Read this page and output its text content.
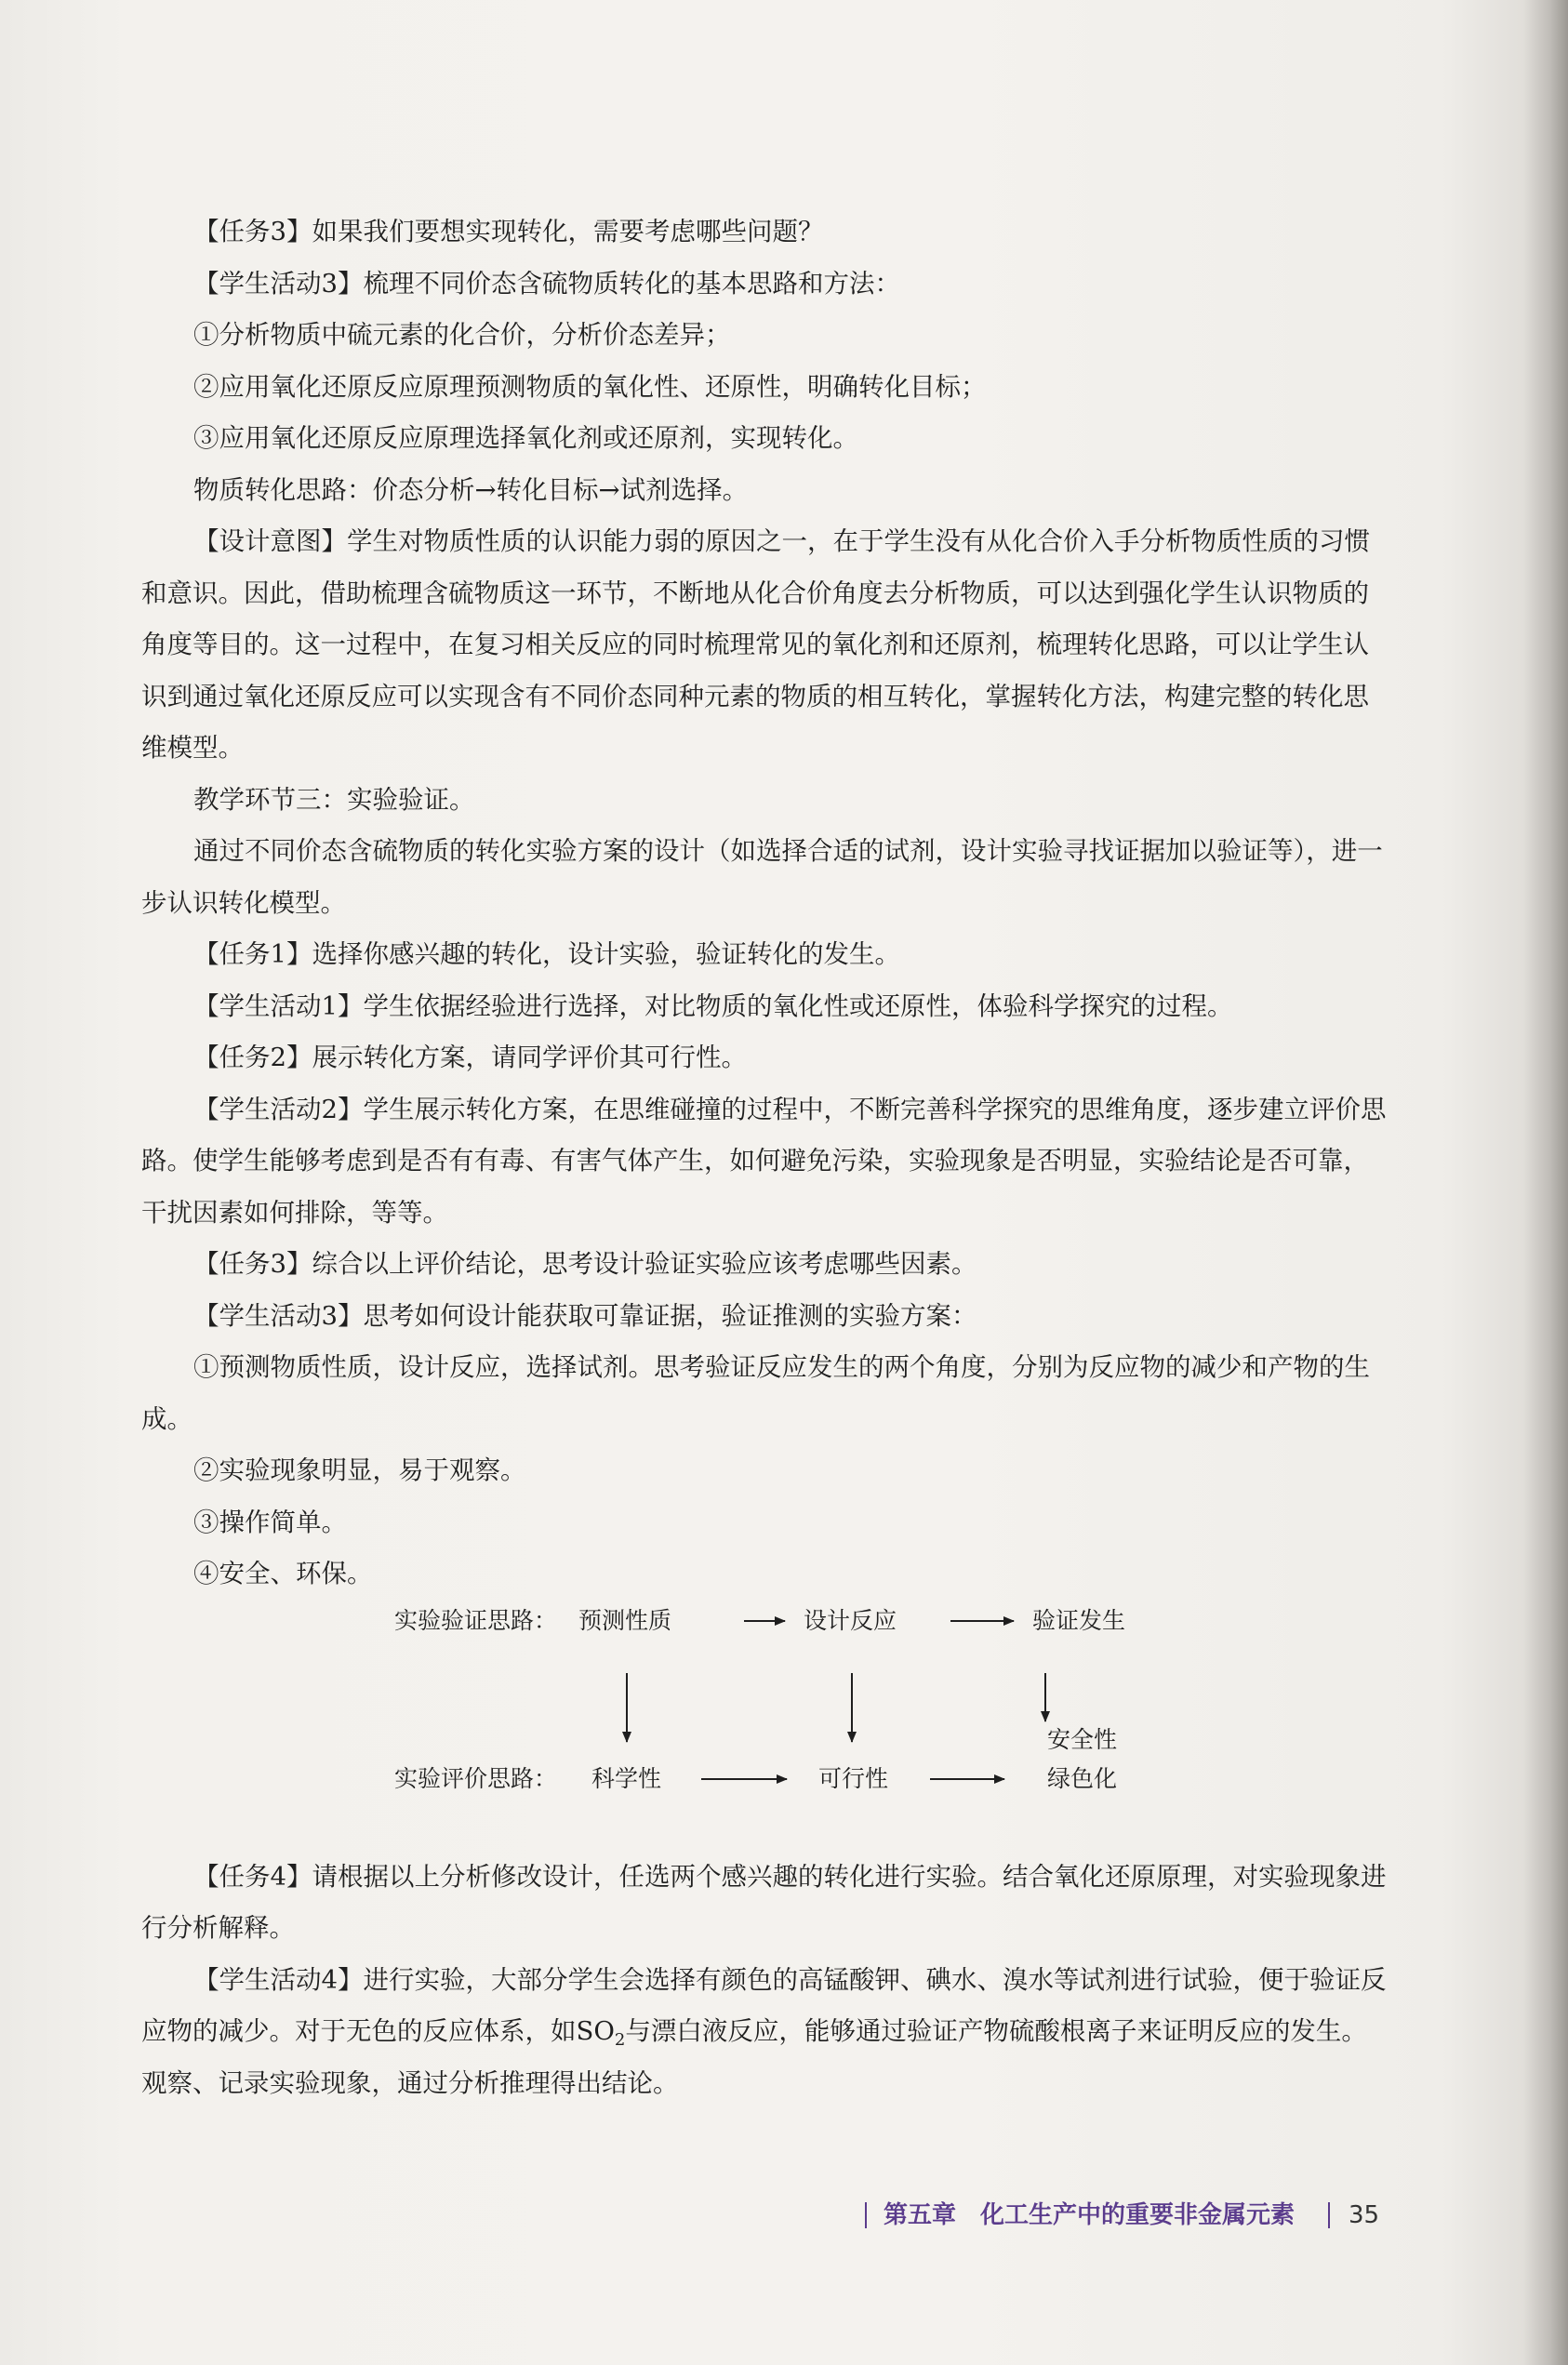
【任务3】如果我们要想实现转化，需要考虑哪些问题？

【学生活动3】梳理不同价态含硫物质转化的基本思路和方法：

①分析物质中硫元素的化合价，分析价态差异；

②应用氧化还原反应原理预测物质的氧化性、还原性，明确转化目标；

③应用氧化还原反应原理选择氧化剂或还原剂，实现转化。

物质转化思路：价态分析→转化目标→试剂选择。

【设计意图】学生对物质性质的认识能力弱的原因之一，在于学生没有从化合价入手分析物质性质的习惯和意识。因此，借助梳理含硫物质这一环节，不断地从化合价角度去分析物质，可以达到强化学生认识物质的角度等目的。这一过程中，在复习相关反应的同时梳理常见的氧化剂和还原剂，梳理转化思路，可以让学生认识到通过氧化还原反应可以实现含有不同价态同种元素的物质的相互转化，掌握转化方法，构建完整的转化思维模型。

教学环节三：实验验证。

通过不同价态含硫物质的转化实验方案的设计（如选择合适的试剂，设计实验寻找证据加以验证等），进一步认识转化模型。

【任务1】选择你感兴趣的转化，设计实验，验证转化的发生。

【学生活动1】学生依据经验进行选择，对比物质的氧化性或还原性，体验科学探究的过程。

【任务2】展示转化方案，请同学评价其可行性。

【学生活动2】学生展示转化方案，在思维碰撞的过程中，不断完善科学探究的思维角度，逐步建立评价思路。使学生能够考虑到是否有有毒、有害气体产生，如何避免污染，实验现象是否明显，实验结论是否可靠，干扰因素如何排除，等等。

【任务3】综合以上评价结论，思考设计验证实验应该考虑哪些因素。

【学生活动3】思考如何设计能获取可靠证据，验证推测的实验方案：

①预测物质性质，设计反应，选择试剂。思考验证反应发生的两个角度，分别为反应物的减少和产物的生成。

②实验现象明显，易于观察。

③操作简单。

④安全、环保。

实验验证思路： 预测性质	设计反应	验证发生
实验评价思路： 科学性	可行性
安全性
绿色化

【任务4】请根据以上分析修改设计，任选两个感兴趣的转化进行实验。结合氧化还原原理，对实验现象进行分析解释。

【学生活动4】进行实验，大部分学生会选择有颜色的高锰酸钾、碘水、溴水等试剂进行试验，便于验证反应物的减少。对于无色的反应体系，如$SO_2$与漂白液反应，能够通过验证产物硫酸根离子来证明反应的发生。观察、记录实验现象，通过分析推理得出结论。

第五章　化工生产中的重要非金属元素 35
